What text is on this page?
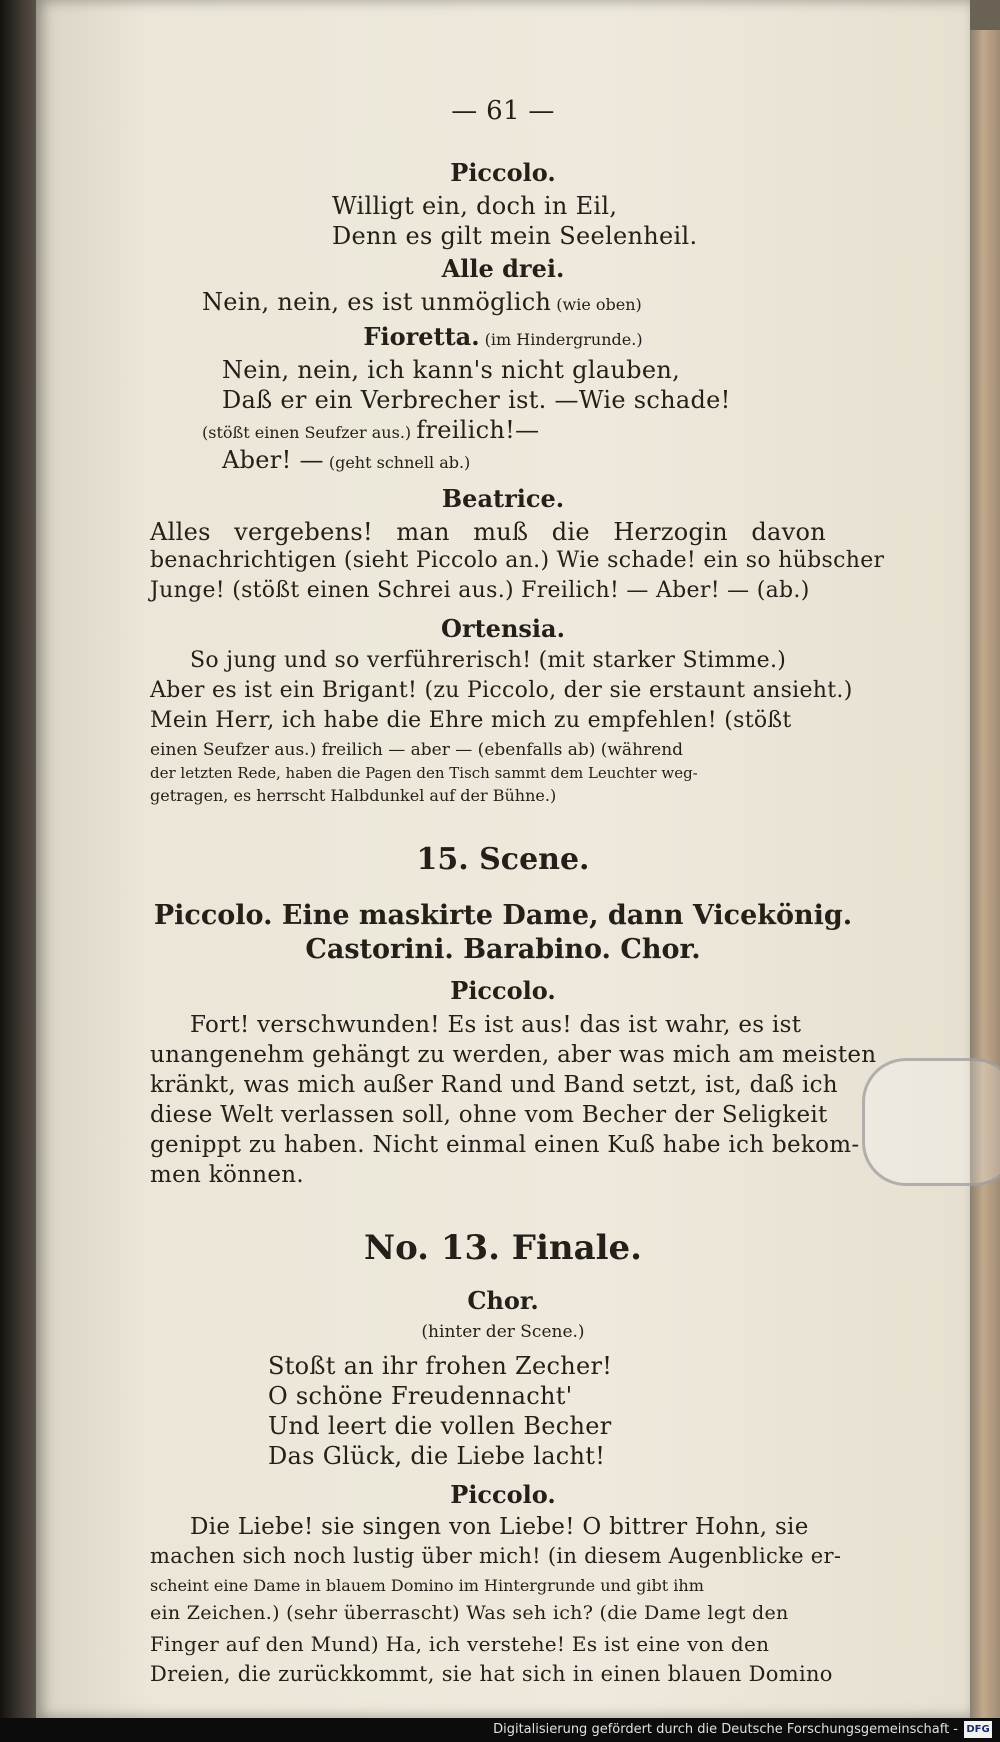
— 61 —
Piccolo.
Willigt ein, doch in Eil,
Denn es gilt mein Seelenheil.
Alle drei.
Nein, nein, es ist unmöglich (wie oben)
Fioretta. (im Hindergrunde.)
Nein, nein, ich kann's nicht glauben,
Daß er ein Verbrecher ist. —Wie schade!
(stößt einen Seufzer aus.) freilich!—
Aber! — (geht schnell ab.)
Beatrice.
Alles vergebens! man muß die Herzogin davon
benachrichtigen (sieht Piccolo an.) Wie schade! ein so hübscher
Junge! (stößt einen Schrei aus.) Freilich! — Aber! — (ab.)
Ortensia.
So jung und so verführerisch! (mit starker Stimme.)
Aber es ist ein Brigant! (zu Piccolo, der sie erstaunt ansieht.)
Mein Herr, ich habe die Ehre mich zu empfehlen! (stößt
einen Seufzer aus.) freilich — aber — (ebenfalls ab) (während
der letzten Rede, haben die Pagen den Tisch sammt dem Leuchter weg-
getragen, es herrscht Halbdunkel auf der Bühne.)
15. Scene.
Piccolo. Eine maskirte Dame, dann Vicekönig.
Castorini. Barabino. Chor.
Piccolo.
Fort! verschwunden! Es ist aus! das ist wahr, es ist
unangenehm gehängt zu werden, aber was mich am meisten
kränkt, was mich außer Rand und Band setzt, ist, daß ich
diese Welt verlassen soll, ohne vom Becher der Seligkeit
genippt zu haben. Nicht einmal einen Kuß habe ich bekom-
men können.
No. 13. Finale.
Chor.
(hinter der Scene.)
Stoßt an ihr frohen Zecher!
O schöne Freudennacht'
Und leert die vollen Becher
Das Glück, die Liebe lacht!
Piccolo.
Die Liebe! sie singen von Liebe! O bittrer Hohn, sie
machen sich noch lustig über mich! (in diesem Augenblicke er-
scheint eine Dame in blauem Domino im Hintergrunde und gibt ihm
ein Zeichen.) (sehr überrascht) Was seh ich? (die Dame legt den
Finger auf den Mund) Ha, ich verstehe! Es ist eine von den
Dreien, die zurückkommt, sie hat sich in einen blauen Domino
Digitalisierung gefördert durch die Deutsche Forschungsgemeinschaft - DFG
